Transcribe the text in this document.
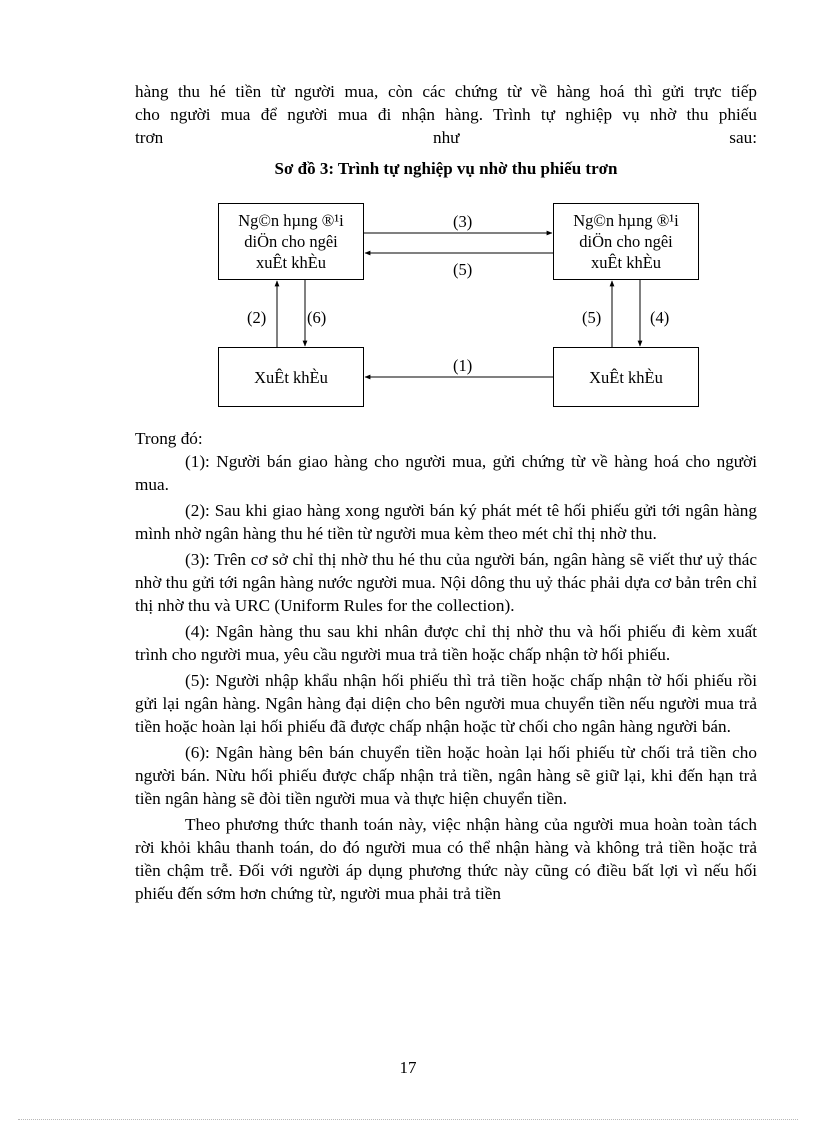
hàng thu hé tiền từ người mua, còn các chứng từ về hàng hoá thì gửi trực tiếp

cho người mua để người mua đi nhận hàng. Trình tự nghiệp vụ nhờ thu phiếu

trơn như sau:

Sơ đồ 3: Trình tự nghiệp vụ nhờ thu phiếu trơn
Ng©n hµng ®¹i
diÖn cho ngêi
xuÊt khÈu
Ng©n hµng ®¹i
diÖn cho ngêi
xuÊt khÈu
XuÊt khÈu	XuÊt khÈu
(3)
(5)
(2) (6)	(5)	(4)
(1)

Trong đó:

(1): Người bán giao hàng cho người mua, gửi chứng từ về hàng hoá cho người mua.

(2): Sau khi giao hàng xong người bán ký phát mét tê hối phiếu gửi tới ngân hàng mình nhờ ngân hàng thu hé tiền từ người mua kèm theo mét chỉ thị nhờ thu.

(3): Trên cơ sở chỉ thị nhờ thu hé thu của người bán, ngân hàng sẽ viết thư uỷ thác nhờ thu gửi tới ngân hàng nước người mua. Nội dông thu uỷ thác phải dựa cơ bản trên chỉ thị nhờ thu và URC (Uniform Rules for the collection).

(4): Ngân hàng thu sau khi nhân được chỉ thị nhờ thu và hối phiếu đi kèm xuất trình cho người mua, yêu cầu người mua trả tiền hoặc chấp nhận tờ hối phiếu.

(5): Người nhập khẩu nhận hối phiếu thì trả tiền hoặc chấp nhận tờ hối phiếu rồi gửi lại ngân hàng. Ngân hàng đại diện cho bên người mua chuyển tiền nếu người mua trả tiền hoặc hoàn lại hối phiếu đã được chấp nhận hoặc từ chối cho ngân hàng người bán.

(6): Ngân hàng bên bán chuyển tiền hoặc hoàn lại hối phiếu từ chối trả tiền cho người bán. Nừu hối phiếu được chấp nhận trả tiền, ngân hàng sẽ giữ lại, khi đến hạn trả tiền ngân hàng sẽ đòi tiền người mua và thực hiện chuyển tiền.

Theo phương thức thanh toán này, việc nhận hàng của người mua hoàn toàn tách rời khỏi khâu thanh toán, do đó người mua có thể nhận hàng và không trả tiền hoặc trả tiền chậm trễ. Đối với người áp dụng phương thức này cũng có điều bất lợi vì nếu hối phiếu đến sớm hơn chứng từ, người mua phải trả tiền

17
